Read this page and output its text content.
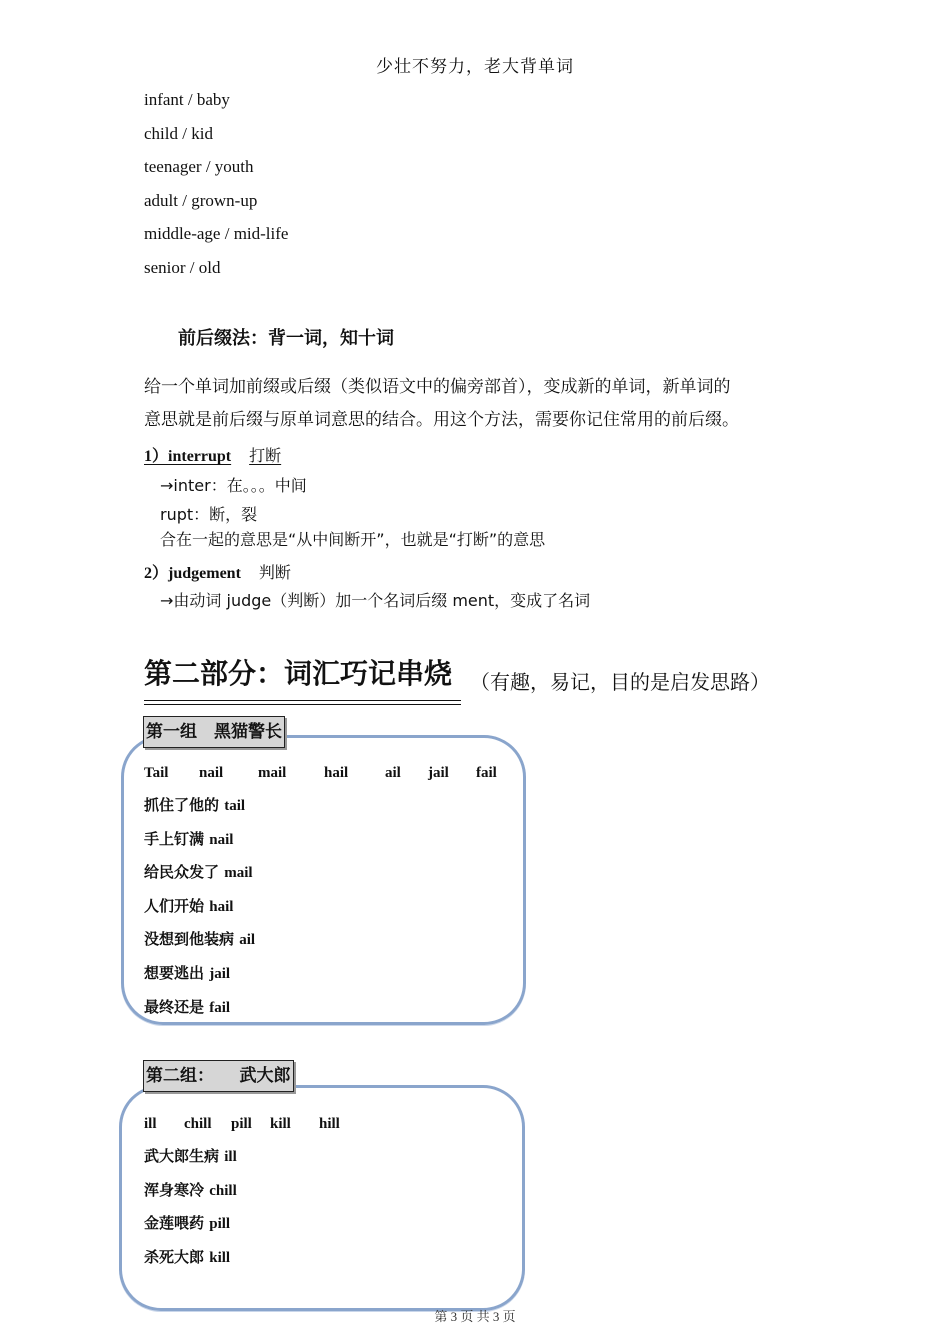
少壮不努力，老大背单词
infant / baby
child / kid
teenager / youth
adult / grown-up
middle-age / mid-life
senior / old
前后缀法：背一词，知十词
给一个单词加前缀或后缀（类似语文中的偏旁部首），变成新的单词，新单词的
意思就是前后缀与原单词意思的结合。用这个方法，需要你记住常用的前后缀。
1）interrupt 打断
→inter：在。。。中间
rupt：断，裂
合在一起的意思是“从中间断开”，也就是“打断”的意思
2）judgement 判断
→由动词 judge（判断）加一个名词后缀 ment，变成了名词
第二部分：词汇巧记串烧 （有趣，易记，目的是启发思路）
第一组　黑猫警长
Tail nail mail	hail ail jail fail
抓住了他的 tail
手上钉满 nail
给民众发了 mail
人们开始 hail
没想到他装病 ail
想要逃出 jail
最终还是 fail
第二组：　　武大郎
ill chill pill kill hill
武大郎生病 ill
浑身寒冷 chill
金莲喂药 pill
杀死大郎 kill
第 3 页 共 3 页
